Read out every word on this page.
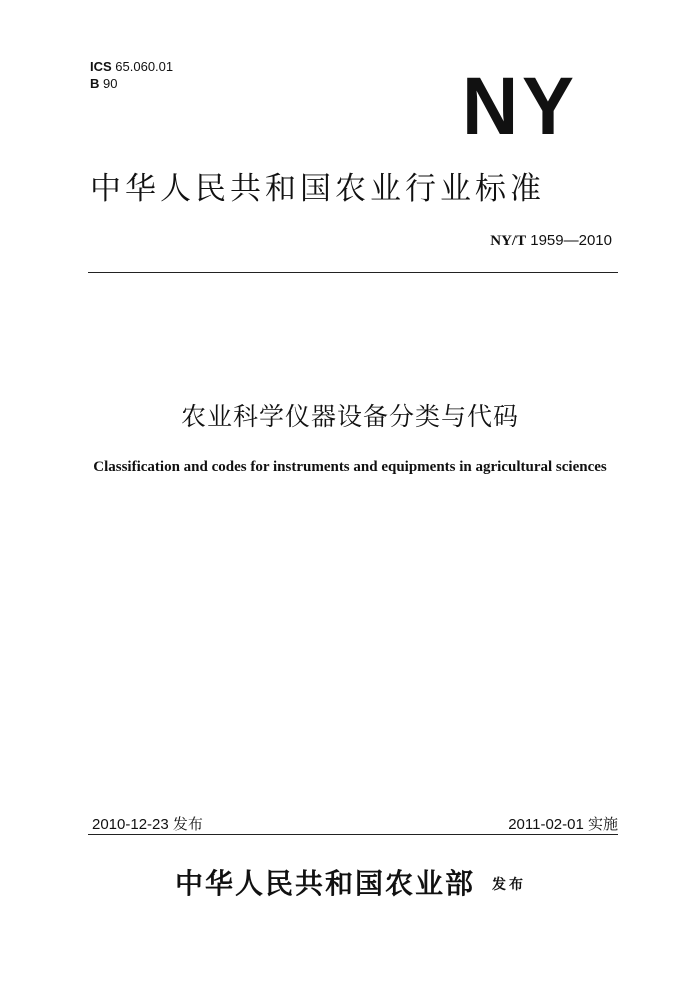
ICS 65.060.01
B 90	NY
中华人民共和国农业行业标准
NY/T 1959—2010
农业科学仪器设备分类与代码
Classification and codes for instruments and equipments in agricultural sciences
2010-12-23 发布	2011-02-01 实施
中华人民共和国农业部 发布
